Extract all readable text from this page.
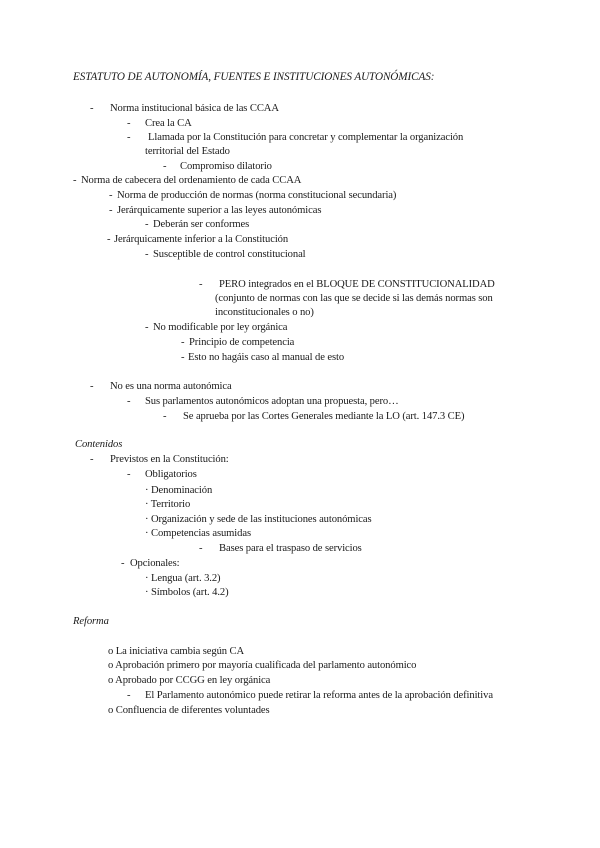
ESTATUTO DE AUTONOMÍA, FUENTES E INSTITUCIONES AUTONÓMICAS:
- Norma institucional básica de las CCAA
- Crea la CA
- Llamada por la Constitución para concretar y complementar la organización
territorial del Estado
- Compromiso dilatorio
- Norma de cabecera del ordenamiento de cada CCAA
- Norma de producción de normas (norma constitucional secundaria)
- Jerárquicamente superior a las leyes autonómicas
- Deberán ser conformes
- Jerárquicamente inferior a la Constitución
- Susceptible de control constitucional
- PERO integrados en el BLOQUE DE CONSTITUCIONALIDAD
(conjunto de normas con las que se decide si las demás normas son
inconstitucionales o no)
- No modificable por ley orgánica
- Principio de competencia
- Esto no hagáis caso al manual de esto
- No es una norma autonómica
- Sus parlamentos autonómicos adoptan una propuesta, pero…
- Se aprueba por las Cortes Generales mediante la LO (art. 147.3 CE)
Contenidos
- Previstos en la Constitución:
- Obligatorios
· Denominación
· Territorio
· Organización y sede de las instituciones autonómicas
· Competencias asumidas
- Bases para el traspaso de servicios
- Opcionales:
· Lengua (art. 3.2)
· Símbolos (art. 4.2)
Reforma
o La iniciativa cambia según CA
o Aprobación primero por mayoría cualificada del parlamento autonómico
o Aprobado por CCGG en ley orgánica
- El Parlamento autonómico puede retirar la reforma antes de la aprobación definitiva
o Confluencia de diferentes voluntades
